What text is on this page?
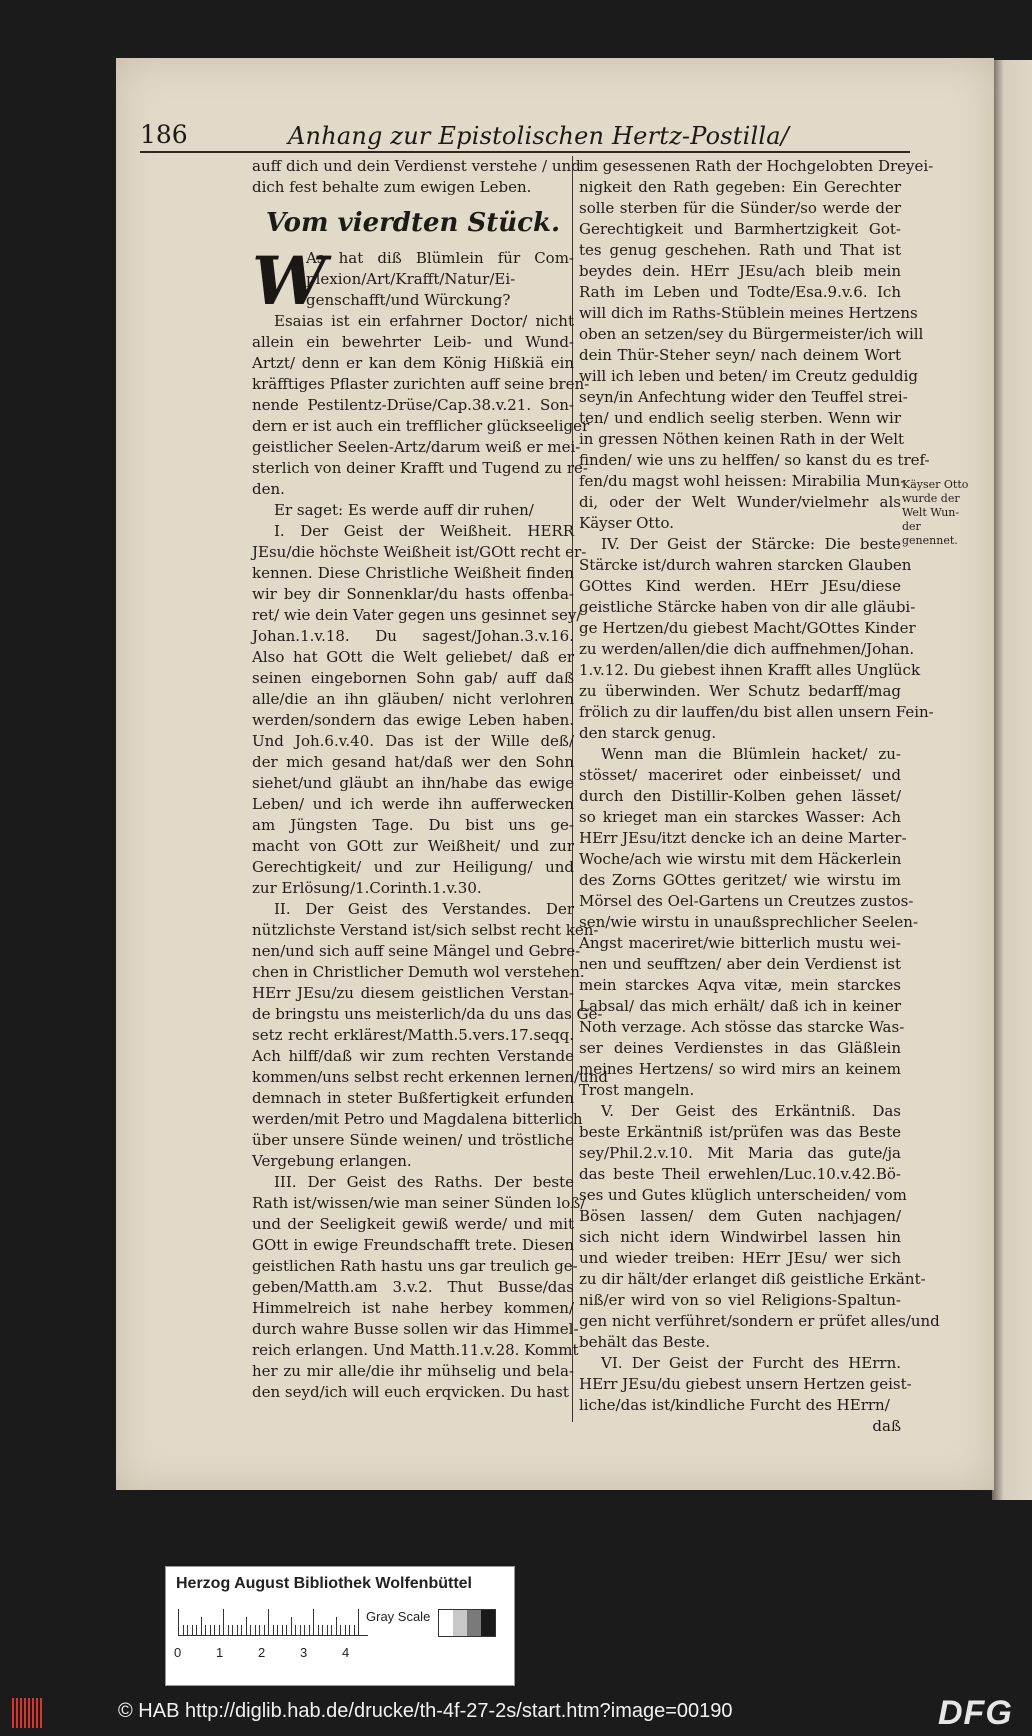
186	Anhang zur Epistolischen Hertz-Postilla/
auff dich und dein Verdienst verstehe / und
dich fest behalte zum ewigen Leben.
Vom vierdten Stück.
W
As hat diß Blümlein für Com-
plexion/Art/Krafft/Natur/Ei-
genschafft/und Würckung?
Esaias ist ein erfahrner Doctor/ nicht
allein ein bewehrter Leib- und Wund-
Artzt/ denn er kan dem König Hißkiä ein
kräfftiges Pflaster zurichten auff seine bren-
nende Pestilentz-Drüse/Cap.38.v.21. Son-
dern er ist auch ein trefflicher glückseeliger
geistlicher Seelen-Artz/darum weiß er mei-
sterlich von deiner Krafft und Tugend zu re-
den.
Er saget: Es werde auff dir ruhen/
I. Der Geist der Weißheit. HERR
JEsu/die höchste Weißheit ist/GOtt recht er-
kennen. Diese Christliche Weißheit finden
wir bey dir Sonnenklar/du hasts offenba-
ret/ wie dein Vater gegen uns gesinnet sey/
Johan.1.v.18. Du sagest/Johan.3.v.16.
Also hat GOtt die Welt geliebet/ daß er
seinen eingebornen Sohn gab/ auff daß
alle/die an ihn gläuben/ nicht verlohren
werden/sondern das ewige Leben haben.
Und Joh.6.v.40. Das ist der Wille deß/
der mich gesand hat/daß wer den Sohn
siehet/und gläubt an ihn/habe das ewige
Leben/ und ich werde ihn aufferwecken
am Jüngsten Tage. Du bist uns ge-
macht von GOtt zur Weißheit/ und zur
Gerechtigkeit/ und zur Heiligung/ und
zur Erlösung/1.Corinth.1.v.30.
II. Der Geist des Verstandes. Der
nützlichste Verstand ist/sich selbst recht ken-
nen/und sich auff seine Mängel und Gebre-
chen in Christlicher Demuth wol verstehen.
HErr JEsu/zu diesem geistlichen Verstan-
de bringstu uns meisterlich/da du uns das Ge-
setz recht erklärest/Matth.5.vers.17.seqq.
Ach hilff/daß wir zum rechten Verstande
kommen/uns selbst recht erkennen lernen/und
demnach in steter Bußfertigkeit erfunden
werden/mit Petro und Magdalena bitterlich
über unsere Sünde weinen/ und tröstliche
Vergebung erlangen.
III. Der Geist des Raths. Der beste
Rath ist/wissen/wie man seiner Sünden loß/
und der Seeligkeit gewiß werde/ und mit
GOtt in ewige Freundschafft trete. Diesen
geistlichen Rath hastu uns gar treulich ge-
geben/Matth.am 3.v.2. Thut Busse/das
Himmelreich ist nahe herbey kommen/
durch wahre Busse sollen wir das Himmel-
reich erlangen. Und Matth.11.v.28. Kommt
her zu mir alle/die ihr mühselig und bela-
den seyd/ich will euch erqvicken. Du hast
im gesessenen Rath der Hochgelobten Dreyei-
nigkeit den Rath gegeben: Ein Gerechter
solle sterben für die Sünder/so werde der
Gerechtigkeit und Barmhertzigkeit Got-
tes genug geschehen. Rath und That ist
beydes dein. HErr JEsu/ach bleib mein
Rath im Leben und Todte/Esa.9.v.6. Ich
will dich im Raths-Stüblein meines Hertzens
oben an setzen/sey du Bürgermeister/ich will
dein Thür-Steher seyn/ nach deinem Wort
will ich leben und beten/ im Creutz geduldig
seyn/in Anfechtung wider den Teuffel strei-
ten/ und endlich seelig sterben. Wenn wir
in gressen Nöthen keinen Rath in der Welt
finden/ wie uns zu helffen/ so kanst du es tref-
fen/du magst wohl heissen: Mirabilia Mun-
di, oder der Welt Wunder/vielmehr als
Käyser Otto.
IV. Der Geist der Stärcke: Die beste
Stärcke ist/durch wahren starcken Glauben
GOttes Kind werden. HErr JEsu/diese
geistliche Stärcke haben von dir alle gläubi-
ge Hertzen/du giebest Macht/GOttes Kinder
zu werden/allen/die dich auffnehmen/Johan.
1.v.12. Du giebest ihnen Krafft alles Unglück
zu überwinden. Wer Schutz bedarff/mag
frölich zu dir lauffen/du bist allen unsern Fein-
den starck genug.
Wenn man die Blümlein hacket/ zu-
stösset/ maceriret oder einbeisset/ und
durch den Distillir-Kolben gehen lässet/
so krieget man ein starckes Wasser: Ach
HErr JEsu/itzt dencke ich an deine Marter-
Woche/ach wie wirstu mit dem Häckerlein
des Zorns GOttes geritzet/ wie wirstu im
Mörsel des Oel-Gartens un Creutzes zustos-
sen/wie wirstu in unaußsprechlicher Seelen-
Angst maceriret/wie bitterlich mustu wei-
nen und seufftzen/ aber dein Verdienst ist
mein starckes Aqva vitæ, mein starckes
Labsal/ das mich erhält/ daß ich in keiner
Noth verzage. Ach stösse das starcke Was-
ser deines Verdienstes in das Gläßlein
meines Hertzens/ so wird mirs an keinem
Trost mangeln.
V. Der Geist des Erkäntniß. Das
beste Erkäntniß ist/prüfen was das Beste
sey/Phil.2.v.10. Mit Maria das gute/ja
das beste Theil erwehlen/Luc.10.v.42.Bö-
ses und Gutes klüglich unterscheiden/ vom
Bösen lassen/ dem Guten nachjagen/
sich nicht idern Windwirbel lassen hin
und wieder treiben: HErr JEsu/ wer sich
zu dir hält/der erlanget diß geistliche Erkänt-
niß/er wird von so viel Religions-Spaltun-
gen nicht verführet/sondern er prüfet alles/und
behält das Beste.
VI. Der Geist der Furcht des HErrn.
HErr JEsu/du giebest unsern Hertzen geist-
liche/das ist/kindliche Furcht des HErrn/
daß
Käyser Otto wurde der Welt Wun-der genennet.
Herzog August Bibliothek Wolfenbüttel
Gray Scale
0	1	2	3	4
© HAB http://diglib.hab.de/drucke/th-4f-27-2s/start.htm?image=00190	DFG
